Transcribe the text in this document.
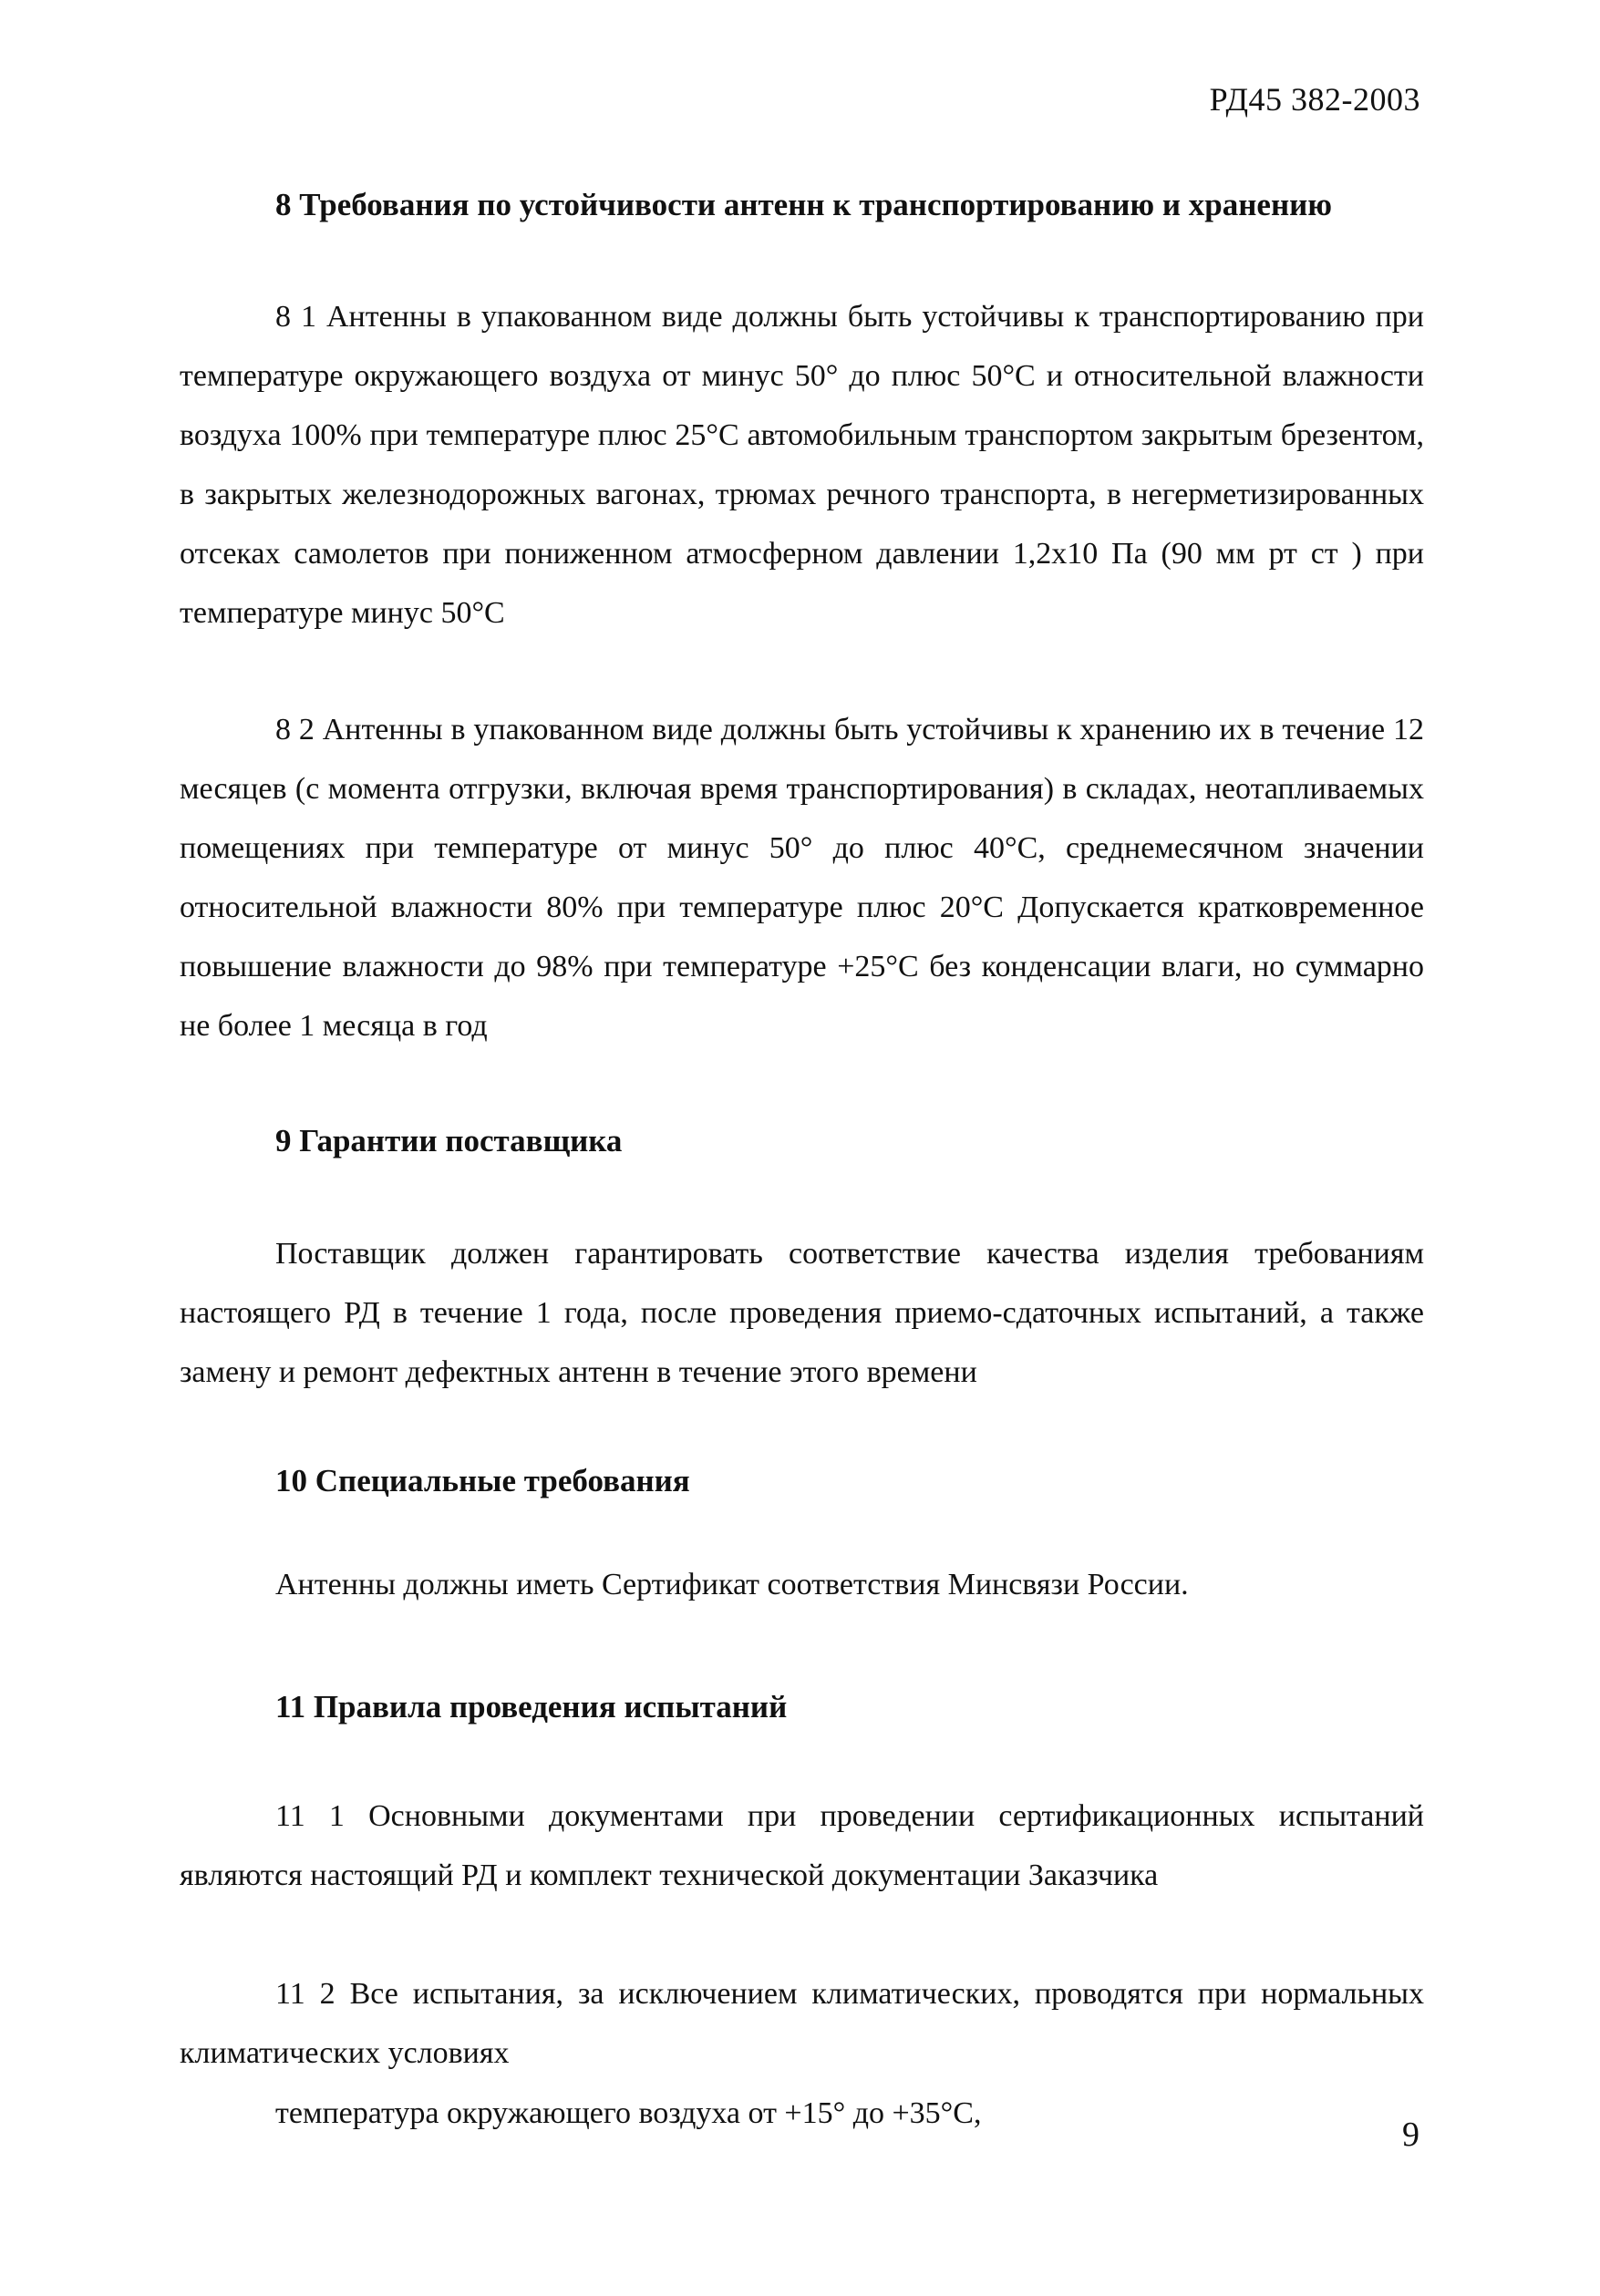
РД45 382-2003
8 Требования по устойчивости антенн к транспортированию и хранению

8 1 Антенны в упакованном виде должны быть устойчивы к транспортированию при температуре окружающего воздуха от минус 50° до плюс 50°С и относительной влажности воздуха 100% при температуре плюс 25°С автомобильным транспортом закрытым брезентом, в закрытых железнодорожных вагонах, трюмах речного транспорта, в негерметизированных отсеках самолетов при пониженном атмосферном давлении 1,2х10 Па (90 мм рт ст ) при температуре минус 50°С

8 2 Антенны в упакованном виде должны быть устойчивы к хранению их в течение 12 месяцев (с момента отгрузки, включая время транспортирования) в складах, неотапливаемых помещениях при температуре от минус 50° до плюс 40°С, среднемесячном значении относительной влажности 80% при температуре плюс 20°С Допускается кратковременное повышение влажности до 98% при температуре +25°С без конденсации влаги, но суммарно не более 1 месяца в год

9 Гарантии поставщика

Поставщик должен гарантировать соответствие качества изделия требованиям настоящего РД в течение 1 года, после проведения приемо-сдаточных испытаний, а также замену и ремонт дефектных антенн в течение этого времени

10 Специальные требования

Антенны должны иметь Сертификат соответствия Минсвязи России.

11 Правила проведения испытаний

11 1 Основными документами при проведении сертификационных испытаний являются настоящий РД и комплект технической документации Заказчика

11 2 Все испытания, за исключением климатических, проводятся при нормальных климатических условиях

температура окружающего воздуха от +15° до +35°С,

9
